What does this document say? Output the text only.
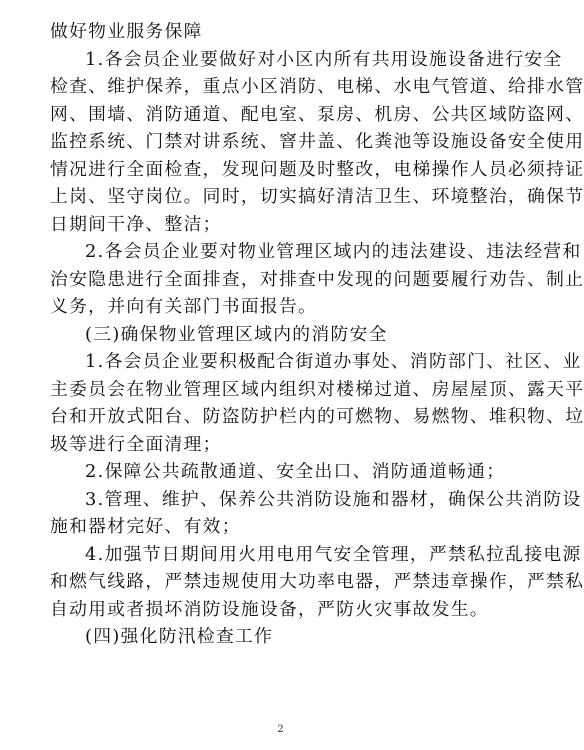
做好物业服务保障
1.各会员企业要做好对小区内所有共用设施设备进行安全
检查、维护保养，重点小区消防、电梯、水电气管道、给排水管
网、围墙、消防通道、配电室、泵房、机房、公共区域防盗网、
监控系统、门禁对讲系统、窨井盖、化粪池等设施设备安全使用
情况进行全面检查，发现问题及时整改，电梯操作人员必须持证
上岗、坚守岗位。同时，切实搞好清洁卫生、环境整治，确保节
日期间干净、整洁；
2.各会员企业要对物业管理区域内的违法建设、违法经营和
治安隐患进行全面排查，对排查中发现的问题要履行劝告、制止
义务，并向有关部门书面报告。
(三)确保物业管理区域内的消防安全
1.各会员企业要积极配合街道办事处、消防部门、社区、业
主委员会在物业管理区域内组织对楼梯过道、房屋屋顶、露天平
台和开放式阳台、防盗防护栏内的可燃物、易燃物、堆积物、垃
圾等进行全面清理；
2.保障公共疏散通道、安全出口、消防通道畅通；
3.管理、维护、保养公共消防设施和器材，确保公共消防设
施和器材完好、有效；
4.加强节日期间用火用电用气安全管理，严禁私拉乱接电源
和燃气线路，严禁违规使用大功率电器，严禁违章操作，严禁私
自动用或者损坏消防设施设备，严防火灾事故发生。
(四)强化防汛检查工作
2
